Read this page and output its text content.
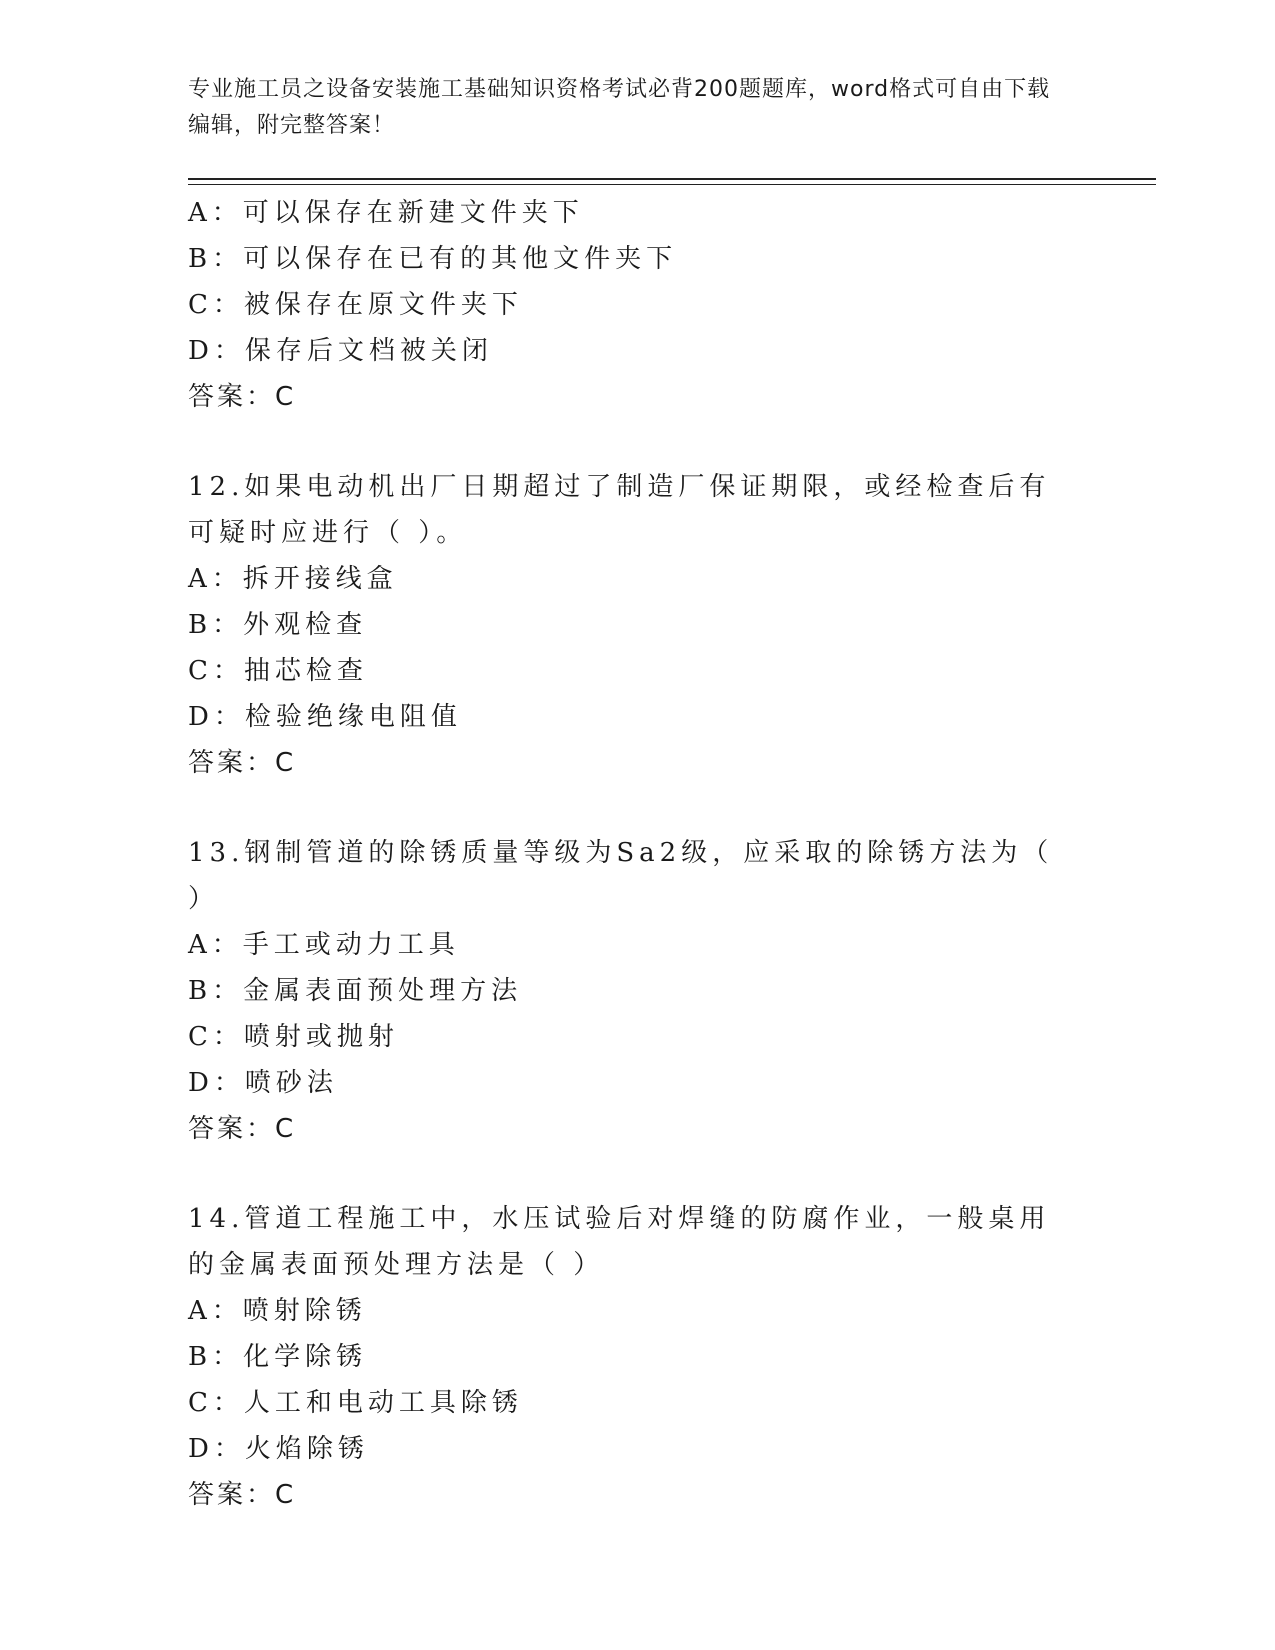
专业施工员之设备安装施工基础知识资格考试必背200题题库，word格式可自由下载编辑，附完整答案！
A：可以保存在新建文件夹下
B：可以保存在已有的其他文件夹下
C：被保存在原文件夹下
D：保存后文档被关闭
答案：C
12.如果电动机出厂日期超过了制造厂保证期限，或经检查后有可疑时应进行（ ）。
A：拆开接线盒
B：外观检查
C：抽芯检查
D：检验绝缘电阻值
答案：C
13.钢制管道的除锈质量等级为Sa2级，应采取的除锈方法为（ ）
A：手工或动力工具
B：金属表面预处理方法
C：喷射或抛射
D：喷砂法
答案：C
14.管道工程施工中，水压试验后对焊缝的防腐作业，一般桌用的金属表面预处理方法是（ ）
A：喷射除锈
B：化学除锈
C：人工和电动工具除锈
D：火焰除锈
答案：C
